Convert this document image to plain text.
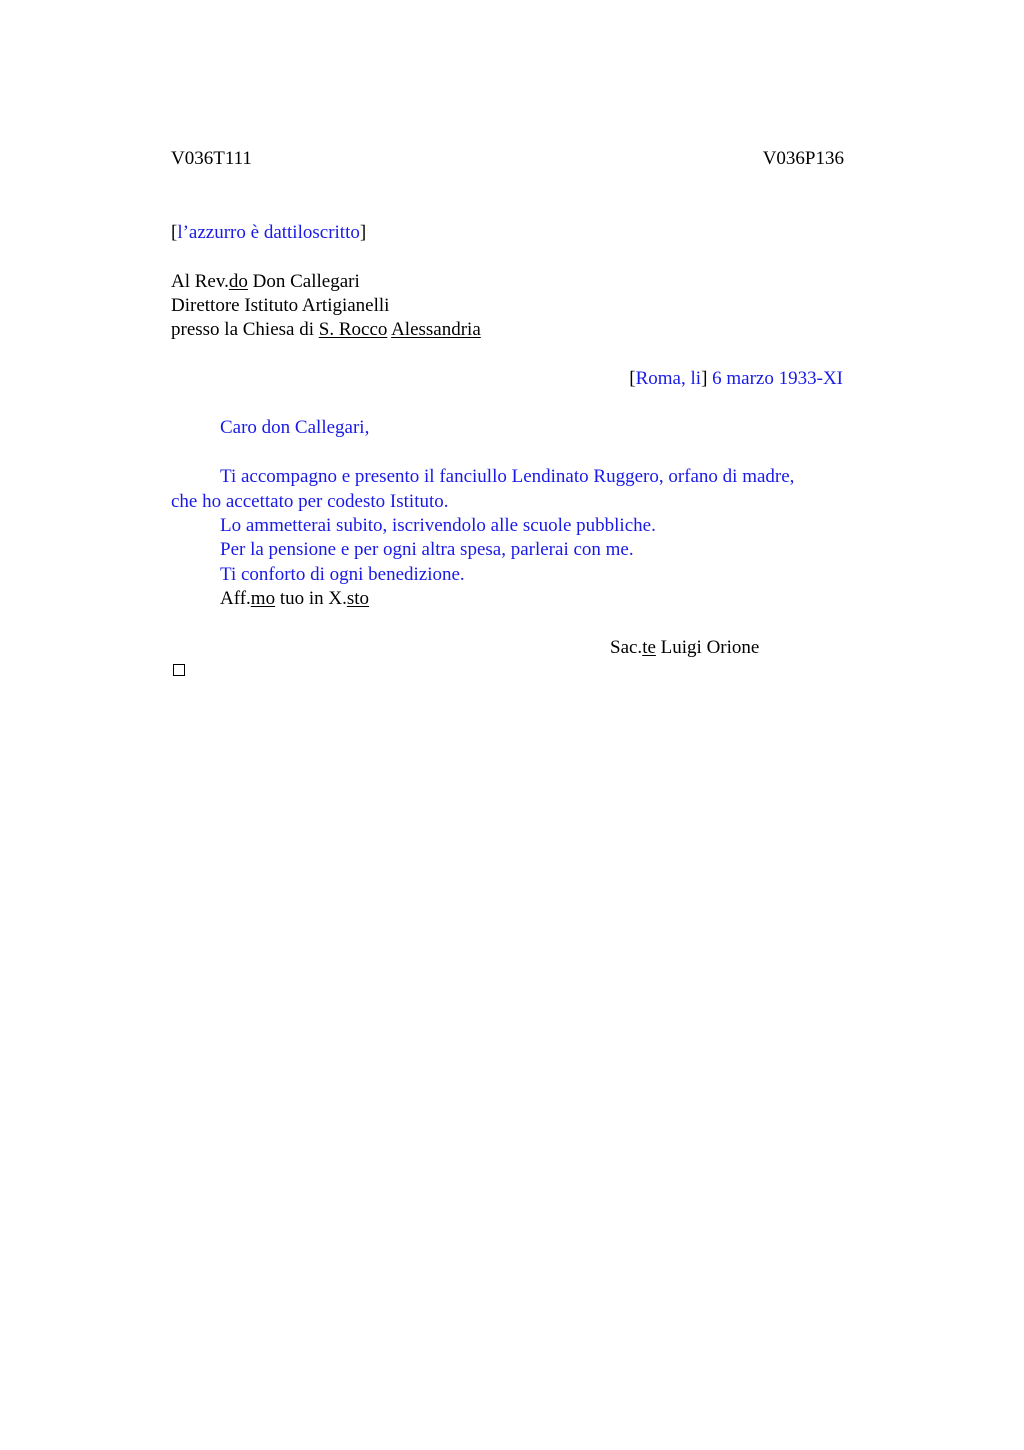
V036T111	V036P136
[l’azzurro è dattiloscritto]
Al Rev.do Don Callegari
Direttore Istituto Artigianelli
presso la Chiesa di S. Rocco Alessandria
[Roma, li] 6 marzo 1933-XI
Caro don Callegari,
Ti accompagno e presento il fanciullo Lendinato Ruggero, orfano di madre,
che ho accettato per codesto Istituto.
Lo ammetterai subito, iscrivendolo alle scuole pubbliche.
Per la pensione e per ogni altra spesa, parlerai con me.
Ti conforto di ogni benedizione.
Aff.mo tuo in X.sto
Sac.te Luigi Orione
